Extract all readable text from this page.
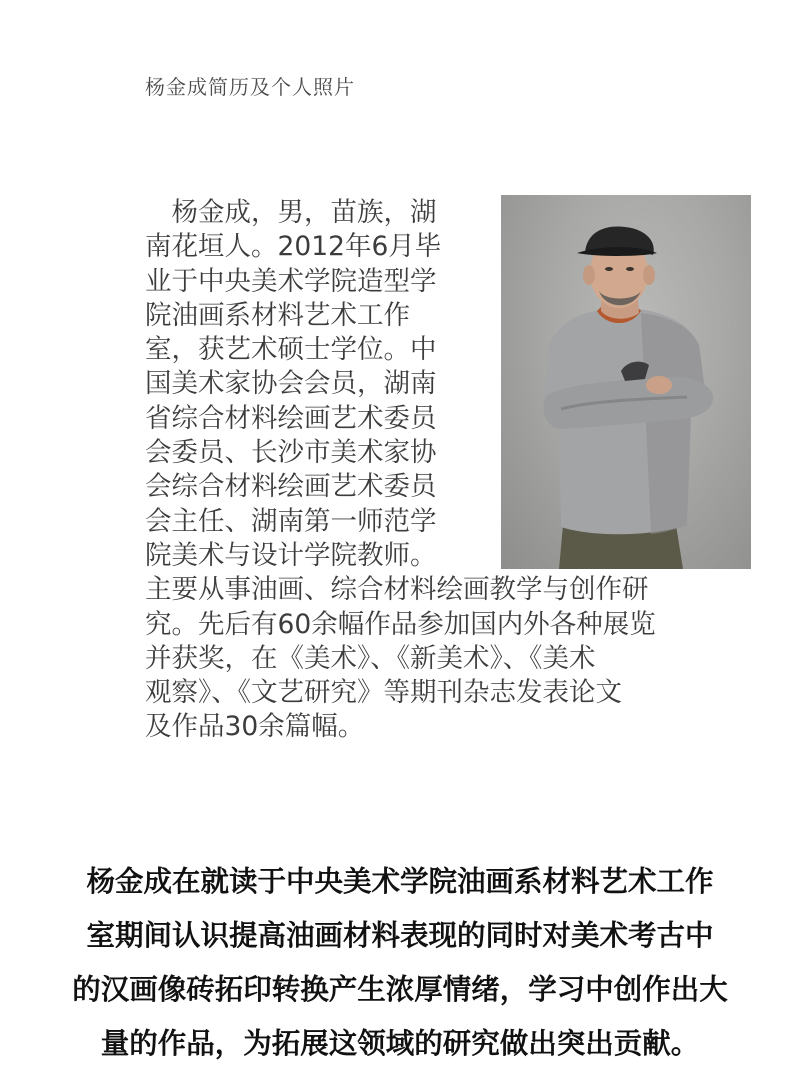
杨金成简历及个人照片
　杨金成，男，苗族，湖
南花垣人。2012年6月毕
业于中央美术学院造型学
院油画系材料艺术工作
室，获艺术硕士学位。中
国美术家协会会员，湖南
省综合材料绘画艺术委员
会委员、长沙市美术家协
会综合材料绘画艺术委员
会主任、湖南第一师范学
院美术与设计学院教师。
主要从事油画、综合材料绘画教学与创作研
究。先后有60余幅作品参加国内外各种展览
并获奖，在《美术》、《新美术》、《美术
观察》、《文艺研究》等期刊杂志发表论文
及作品30余篇幅。
杨金成在就读于中央美术学院油画系材料艺术工作
室期间认识提高油画材料表现的同时对美术考古中
的汉画像砖拓印转换产生浓厚情绪，学习中创作出大
量的作品，为拓展这领域的研究做出突出贡献。
